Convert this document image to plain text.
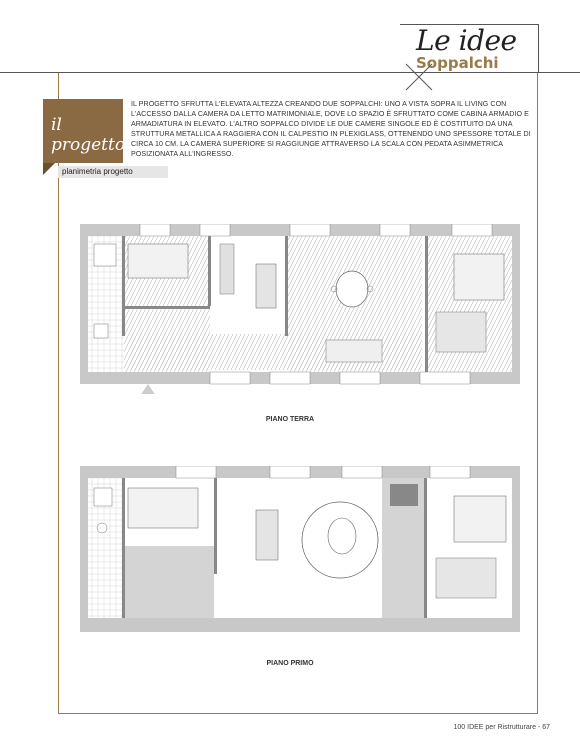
Le idee
Soppalchi
il progetto
IL PROGETTO SFRUTTA L'ELEVATA ALTEZZA CREANDO DUE SOPPALCHI: UNO A VISTA SOPRA IL LIVING CON L'ACCESSO DALLA CAMERA DA LETTO MATRIMONIALE, DOVE LO SPAZIO È SFRUTTATO COME CABINA ARMADIO E ARMADIATURA IN ELEVATO. L'ALTRO SOPPALCO DIVIDE LE DUE CAMERE SINGOLE ED È COSTITUITO DA UNA STRUTTURA METALLICA A RAGGIERA CON IL CALPESTIO IN PLEXIGLASS, OTTENENDO UNO SPESSORE TOTALE DI CIRCA 10 CM. LA CAMERA SUPERIORE SI RAGGIUNGE ATTRAVERSO LA SCALA CON PEDATA ASIMMETRICA POSIZIONATA ALL'INGRESSO.
planimetria progetto
PIANO TERRA
PIANO PRIMO
100 IDEE per Ristrutturare - 67
